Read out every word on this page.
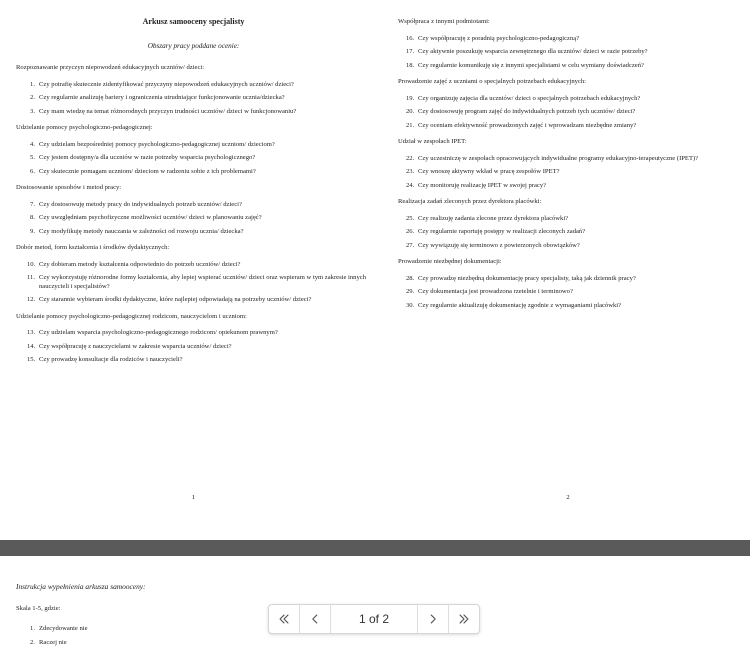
Arkusz samooceny specjalisty
Obszary pracy poddane ocenie:
Rozpoznawanie przyczyn niepowodzeń edukacyjnych uczniów/ dzieci:
1. Czy potrafię skutecznie zidentyfikować przyczyny niepowodzeń edukacyjnych uczniów/ dzieci?
2. Czy regularnie analizuję bariery i ograniczenia utrudniające funkcjonowanie ucznia/dziecka?
3. Czy mam wiedzę na temat różnorodnych przyczyn trudności uczniów/ dzieci w funkcjonowaniu?
Udzielanie pomocy psychologiczno-pedagogicznej:
4. Czy udzielam bezpośredniej pomocy psychologiczno-pedagogicznej uczniom/ dzieciom?
5. Czy jestem dostępny/a dla uczniów w razie potrzeby wsparcia psychologicznego?
6. Czy skutecznie pomagam uczniom/ dzieciom w radzeniu sobie z ich problemami?
Dostosowanie sposobów i metod pracy:
7. Czy dostosowuję metody pracy do indywidualnych potrzeb uczniów/ dzieci?
8. Czy uwzględniam psychofizyczne możliwości uczniów/ dzieci w planowaniu zajęć?
9. Czy modyfikuję metody nauczania w zależności od rozwoju ucznia/ dziecka?
Dobór metod, form kształcenia i środków dydaktycznych:
10. Czy dobieram metody kształcenia odpowiednio do potrzeb uczniów/ dzieci?
11. Czy wykorzystuję różnorodne formy kształcenia, aby lepiej wspierać uczniów/ dzieci oraz wspieram w tym zakresie innych nauczycieli i specjalistów?
12. Czy starannie wybieram środki dydaktyczne, które najlepiej odpowiadają na potrzeby uczniów/ dzieci?
Udzielanie pomocy psychologiczno-pedagogicznej rodzicom, nauczycielom i uczniom:
13. Czy udzielam wsparcia psychologiczno-pedagogicznego rodzicom/ opiekunom prawnym?
14. Czy współpracuję z nauczycielami w zakresie wsparcia uczniów/ dzieci?
15. Czy prowadzę konsultacje dla rodziców i nauczycieli?
1
Współpraca z innymi podmiotami:
16. Czy współpracuję z poradnią psychologiczno-pedagogiczną?
17. Czy aktywnie poszukuję wsparcia zewnętrznego dla uczniów/ dzieci w razie potrzeby?
18. Czy regularnie komunikuję się z innymi specjalistami w celu wymiany doświadczeń?
Prowadzenie zajęć z uczniami o specjalnych potrzebach edukacyjnych:
19. Czy organizuję zajęcia dla uczniów/ dzieci o specjalnych potrzebach edukacyjnych?
20. Czy dostosowuję program zajęć do indywidualnych potrzeb tych uczniów/ dzieci?
21. Czy oceniam efektywność prowadzonych zajęć i wprowadzam niezbędne zmiany?
Udział w zespołach IPET:
22. Czy uczestniczę w zespołach opracowujących indywidualne programy edukacyjno-terapeutyczne (IPET)?
23. Czy wnoszę aktywny wkład w pracę zespołów IPET?
24. Czy monitoruję realizację IPET w swojej pracy?
Realizacja zadań zleconych przez dyrektora placówki:
25. Czy realizuję zadania zlecone przez dyrektora placówki?
26. Czy regularnie raportuję postępy w realizacji zleconych zadań?
27. Czy wywiązuję się terminowo z powierzonych obowiązków?
Prowadzenie niezbędnej dokumentacji:
28. Czy prowadzę niezbędną dokumentację pracy specjalisty, taką jak dziennik pracy?
29. Czy dokumentacja jest prowadzona rzetelnie i terminowo?
30. Czy regularnie aktualizuję dokumentację zgodnie z wymaganiami placówki?
2
Instrukcja wypełnienia arkusza samooceny:
Skala 1-5, gdzie:
1. Zdecydowanie nie
2. Raczej nie
1 of 2
